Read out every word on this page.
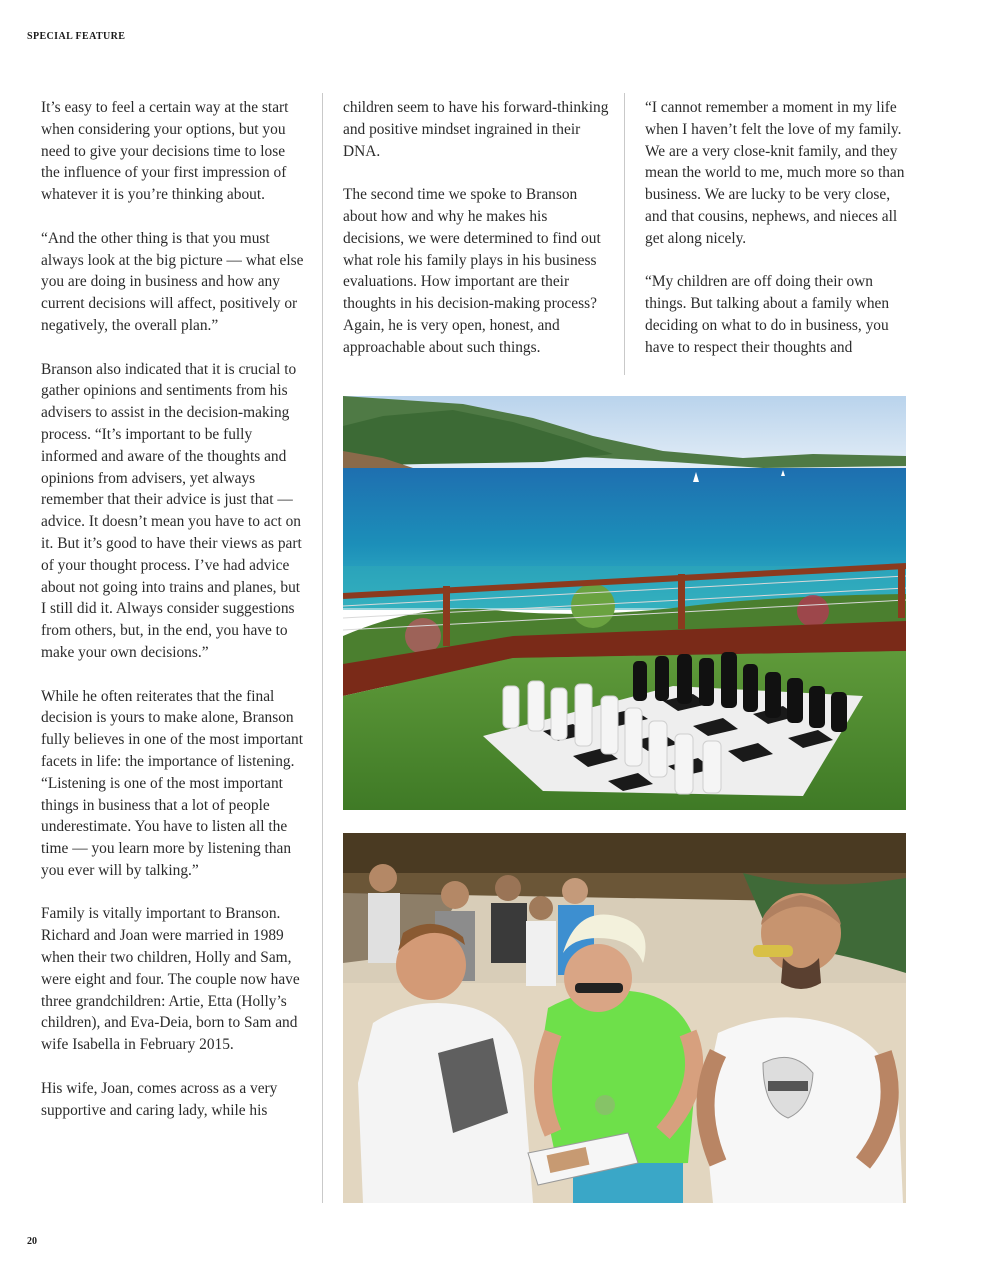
SPECIAL FEATURE

It’s easy to feel a certain way at the start when considering your options, but you need to give your decisions time to lose the influence of your first impression of whatever it is you’re thinking about.

“And the other thing is that you must always look at the big picture — what else you are doing in business and how any current decisions will affect, positively or negatively, the overall plan.”

Branson also indicated that it is crucial to gather opinions and sentiments from his advisers to assist in the decision-making process. “It’s important to be fully informed and aware of the thoughts and opinions from advisers, yet always remember that their advice is just that — advice. It doesn’t mean you have to act on it. But it’s good to have their views as part of your thought process. I’ve had advice about not going into trains and planes, but I still did it. Always consider suggestions from others, but, in the end, you have to make your own decisions.”

While he often reiterates that the final decision is yours to make alone, Branson fully believes in one of the most important facets in life: the importance of listening. “Listening is one of the most important things in business that a lot of people underestimate. You have to listen all the time — you learn more by listening than you ever will by talking.”

Family is vitally important to Branson. Richard and Joan were married in 1989 when their two children, Holly and Sam, were eight and four. The couple now have three grandchildren: Artie, Etta (Holly’s children), and Eva-Deia, born to Sam and wife Isabella in February 2015.

His wife, Joan, comes across as a very supportive and caring lady, while his

children seem to have his forward-thinking and positive mindset ingrained in their DNA.

The second time we spoke to Branson about how and why he makes his decisions, we were determined to find out what role his family plays in his business evaluations. How important are their thoughts in his decision-making process? Again, he is very open, honest, and approachable about such things.

“I cannot remember a moment in my life when I haven’t felt the love of my family. We are a very close-knit family, and they mean the world to me, much more so than business. We are lucky to be very close, and that cousins, nephews, and nieces all get along nicely.

“My children are off doing their own things. But talking about a family when deciding on what to do in business, you have to respect their thoughts and

20
